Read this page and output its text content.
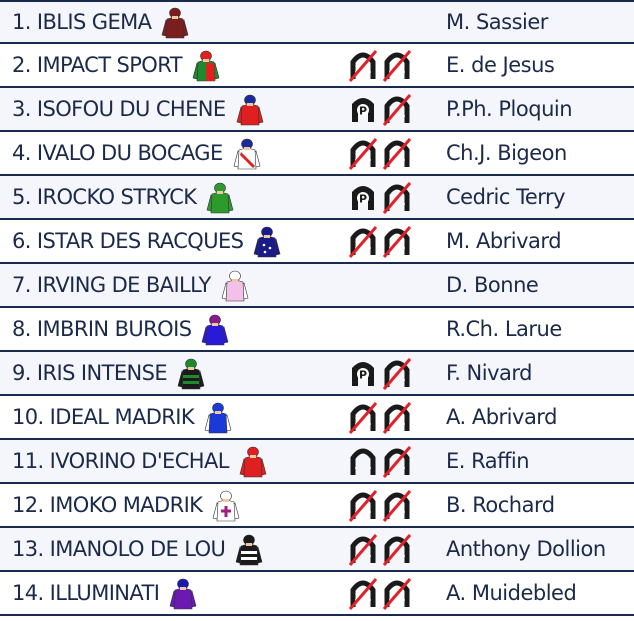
1. IBLIS GEMA	M. Sassier
2. IMPACT SPORT	E. de Jesus
3. ISOFOU DU CHENE	P	P.Ph. Ploquin
4. IVALO DU BOCAGE	Ch.J. Bigeon
5. IROCKO STRYCK	P	Cedric Terry
6. ISTAR DES RACQUES	M. Abrivard
7. IRVING DE BAILLY	D. Bonne
8. IMBRIN BUROIS	R.Ch. Larue
9. IRIS INTENSE	P	F. Nivard
10. IDEAL MADRIK	A. Abrivard
11. IVORINO D'ECHAL	E. Raffin
12. IMOKO MADRIK	B. Rochard
13. IMANOLO DE LOU	Anthony Dollion
14. ILLUMINATI	A. Muidebled
